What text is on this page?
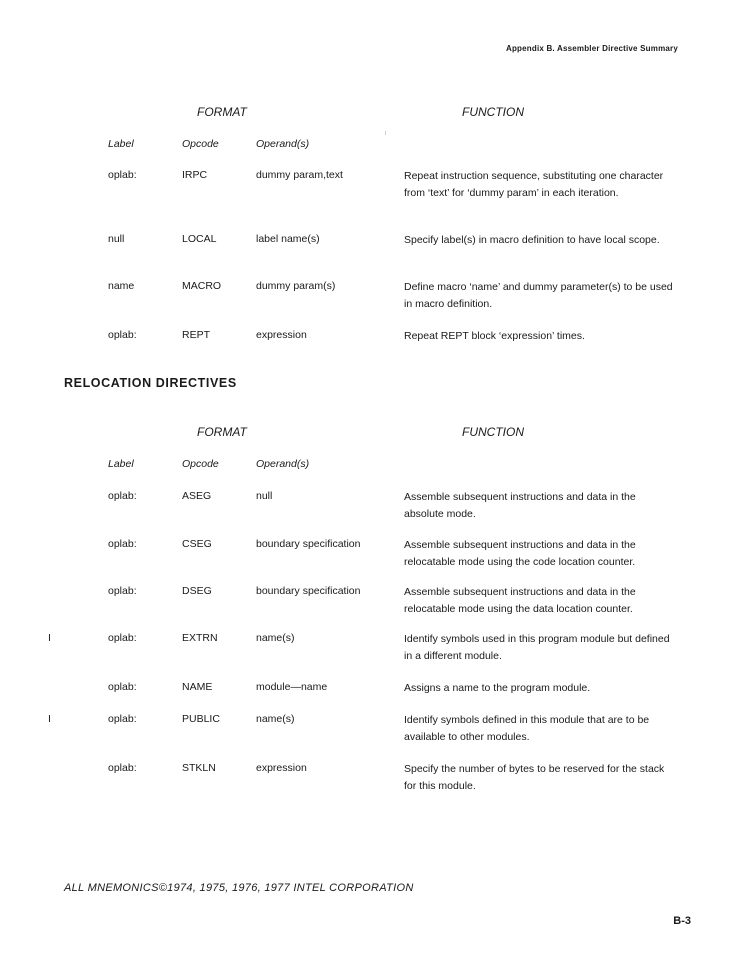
Appendix B. Assembler Directive Summary
FORMAT	FUNCTION
Label	Opcode	Operand(s)
oplab:	IRPC	dummy param,text	Repeat instruction sequence, substituting one character from ‘text’ for ‘dummy param’ in each iteration.
null	LOCAL	label name(s)	Specify label(s) in macro definition to have local scope.
name	MACRO	dummy param(s)	Define macro ‘name’ and dummy parameter(s) to be used in macro definition.
oplab:	REPT	expression	Repeat REPT block ‘expression’ times.
RELOCATION DIRECTIVES
FORMAT	FUNCTION
Label	Opcode	Operand(s)
oplab:	ASEG	null	Assemble subsequent instructions and data in the absolute mode.
oplab:	CSEG	boundary specification	Assemble subsequent instructions and data in the relocatable mode using the code location counter.
oplab:	DSEG	boundary specification	Assemble subsequent instructions and data in the relocatable mode using the data location counter.
I	oplab:	EXTRN	name(s)	Identify symbols used in this program module but defined in a different module.
oplab:	NAME	module—name	Assigns a name to the program module.
I	oplab:	PUBLIC	name(s)	Identify symbols defined in this module that are to be available to other modules.
oplab:	STKLN	expression	Specify the number of bytes to be reserved for the stack for this module.
ALL MNEMONICS©1974, 1975, 1976, 1977 INTEL CORPORATION
B-3
